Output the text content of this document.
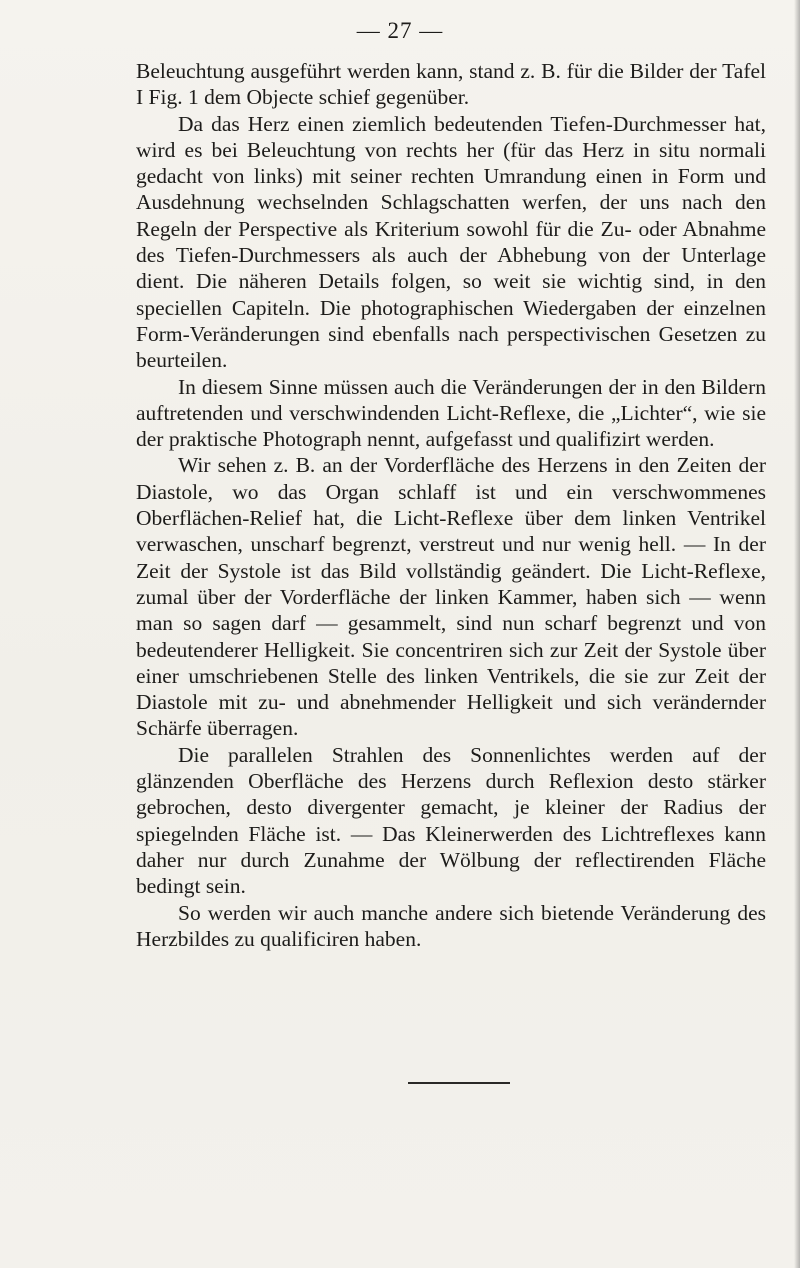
— 27 —

Beleuchtung ausgeführt werden kann, stand z. B. für die Bilder der Tafel I Fig. 1 dem Objecte schief gegenüber.

Da das Herz einen ziemlich bedeutenden Tiefen-Durchmesser hat, wird es bei Beleuchtung von rechts her (für das Herz in situ normali gedacht von links) mit seiner rechten Umrandung einen in Form und Ausdehnung wechselnden Schlagschatten werfen, der uns nach den Regeln der Perspective als Kriterium sowohl für die Zu- oder Abnahme des Tiefen-Durchmessers als auch der Abhebung von der Unterlage dient. Die näheren Details folgen, so weit sie wichtig sind, in den speciellen Capiteln. Die photographischen Wiedergaben der einzelnen Form-Veränderungen sind ebenfalls nach perspectivischen Gesetzen zu beurteilen.

In diesem Sinne müssen auch die Veränderungen der in den Bildern auftretenden und verschwindenden Licht-Reflexe, die „Lichter“, wie sie der praktische Photograph nennt, aufgefasst und qualifizirt werden.

Wir sehen z. B. an der Vorderfläche des Herzens in den Zeiten der Diastole, wo das Organ schlaff ist und ein verschwommenes Oberflächen-Relief hat, die Licht-Reflexe über dem linken Ventrikel verwaschen, unscharf begrenzt, verstreut und nur wenig hell. — In der Zeit der Systole ist das Bild vollständig geändert. Die Licht-Reflexe, zumal über der Vorderfläche der linken Kammer, haben sich — wenn man so sagen darf — gesammelt, sind nun scharf begrenzt und von bedeutenderer Helligkeit. Sie concentriren sich zur Zeit der Systole über einer umschriebenen Stelle des linken Ventrikels, die sie zur Zeit der Diastole mit zu- und abnehmender Helligkeit und sich verändernder Schärfe überragen.

Die parallelen Strahlen des Sonnenlichtes werden auf der glänzenden Oberfläche des Herzens durch Reflexion desto stärker gebrochen, desto divergenter gemacht, je kleiner der Radius der spiegelnden Fläche ist. — Das Kleinerwerden des Lichtreflexes kann daher nur durch Zunahme der Wölbung der reflectirenden Fläche bedingt sein.

So werden wir auch manche andere sich bietende Veränderung des Herzbildes zu qualificiren haben.
